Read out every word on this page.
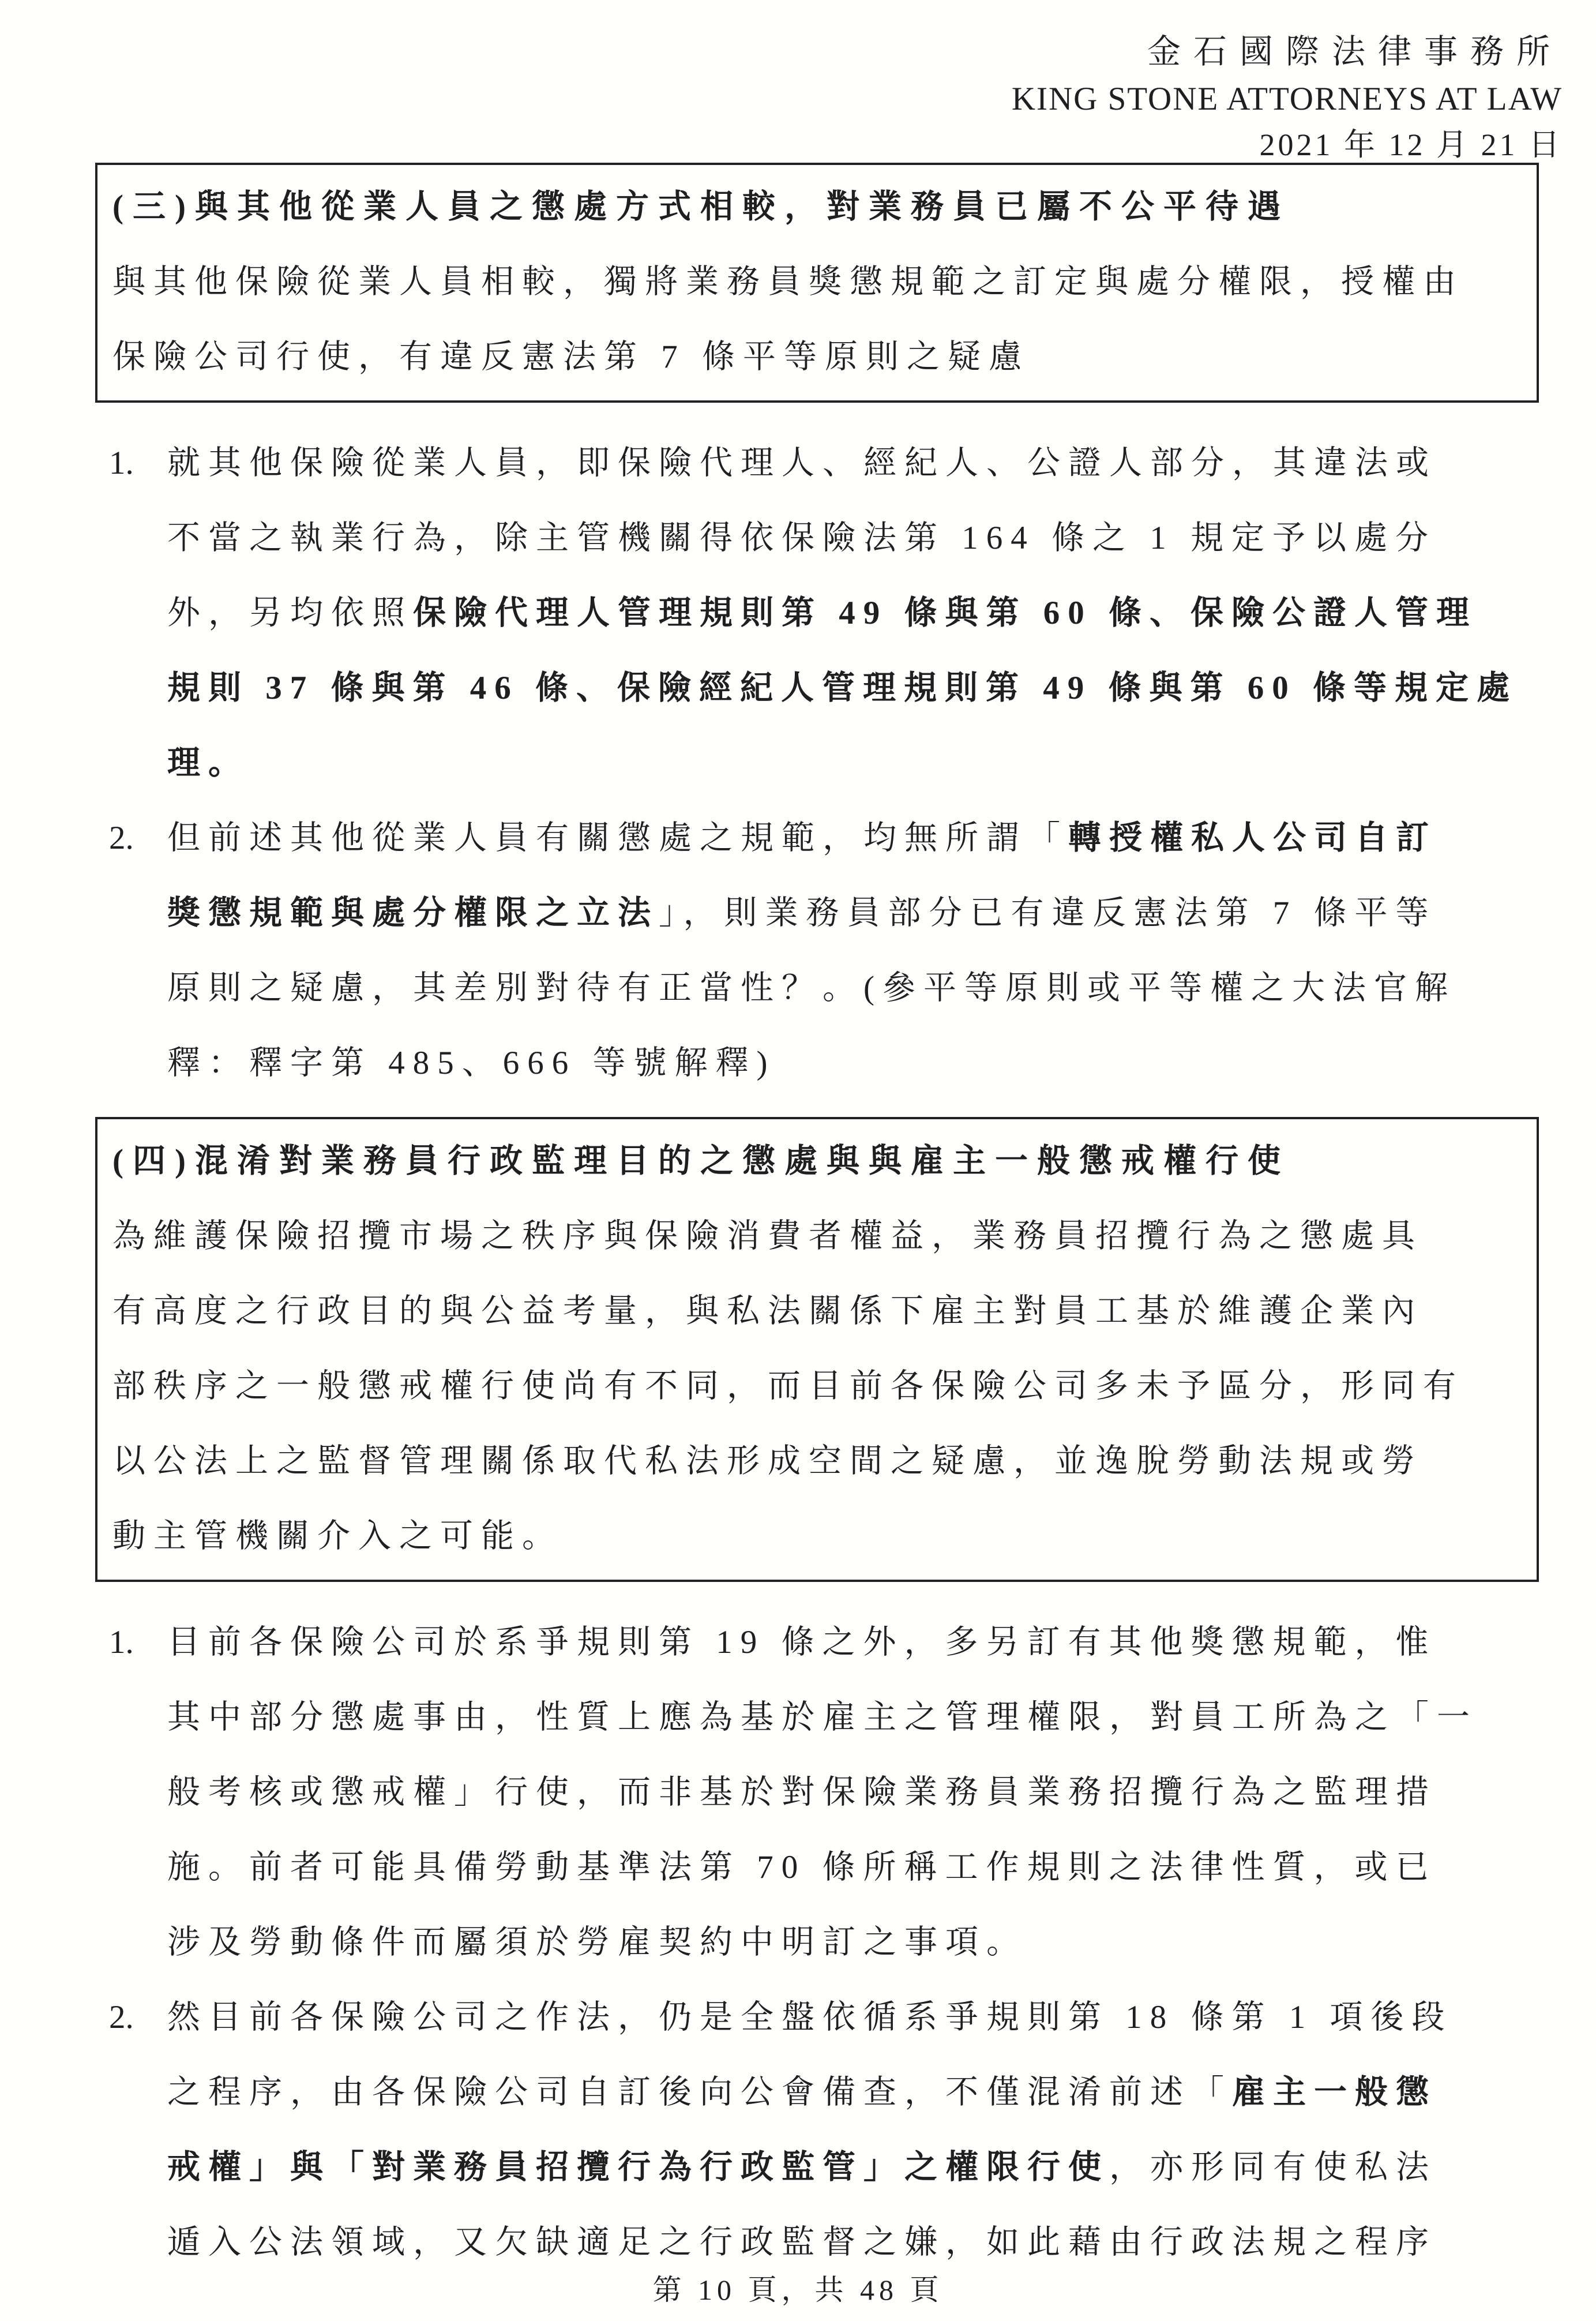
金石國際法律事務所
KING STONE ATTORNEYS AT LAW
2021 年 12 月 21 日
(三)與其他從業人員之懲處方式相較，對業務員已屬不公平待遇
與其他保險從業人員相較，獨將業務員獎懲規範之訂定與處分權限，授權由
保險公司行使，有違反憲法第 7 條平等原則之疑慮
1.	就其他保險從業人員，即保險代理人、經紀人、公證人部分，其違法或
不當之執業行為，除主管機關得依保險法第 164 條之 1 規定予以處分
外，另均依照保險代理人管理規則第 49 條與第 60 條、保險公證人管理
規則 37 條與第 46 條、保險經紀人管理規則第 49 條與第 60 條等規定處
理。
2.	但前述其他從業人員有關懲處之規範，均無所謂「轉授權私人公司自訂
獎懲規範與處分權限之立法」，則業務員部分已有違反憲法第 7 條平等
原則之疑慮，其差別對待有正當性？。(參平等原則或平等權之大法官解
釋：釋字第 485、666 等號解釋)
(四)混淆對業務員行政監理目的之懲處與與雇主一般懲戒權行使
為維護保險招攬市場之秩序與保險消費者權益，業務員招攬行為之懲處具
有高度之行政目的與公益考量，與私法關係下雇主對員工基於維護企業內
部秩序之一般懲戒權行使尚有不同，而目前各保險公司多未予區分，形同有
以公法上之監督管理關係取代私法形成空間之疑慮，並逸脫勞動法規或勞
動主管機關介入之可能。
1.	目前各保險公司於系爭規則第 19 條之外，多另訂有其他獎懲規範，惟
其中部分懲處事由，性質上應為基於雇主之管理權限，對員工所為之「一
般考核或懲戒權」行使，而非基於對保險業務員業務招攬行為之監理措
施。前者可能具備勞動基準法第 70 條所稱工作規則之法律性質，或已
涉及勞動條件而屬須於勞雇契約中明訂之事項。
2.	然目前各保險公司之作法，仍是全盤依循系爭規則第 18 條第 1 項後段
之程序，由各保險公司自訂後向公會備查，不僅混淆前述「雇主一般懲
戒權」與「對業務員招攬行為行政監管」之權限行使，亦形同有使私法
遁入公法領域，又欠缺適足之行政監督之嫌，如此藉由行政法規之程序
第 10 頁，共 48 頁
